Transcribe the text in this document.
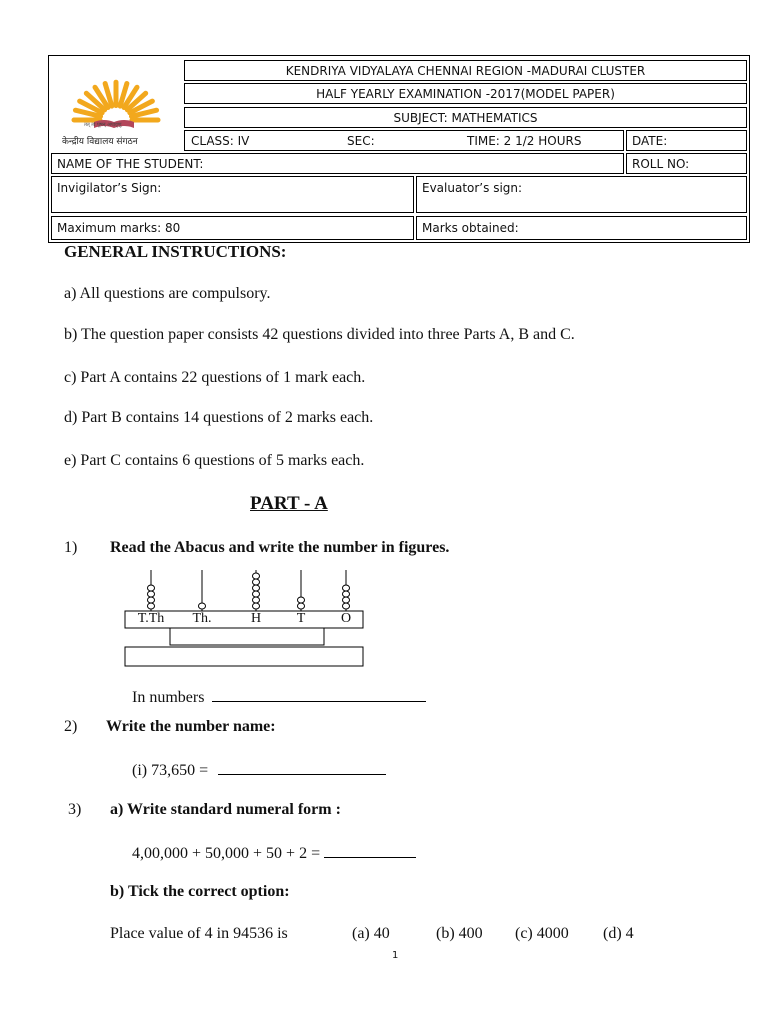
तत् त्वं पूषन् अपावृणु
केन्द्रीय विद्यालय संगठन
KENDRIYA VIDYALAYA CHENNAI REGION -MADURAI CLUSTER
HALF YEARLY EXAMINATION -2017(MODEL PAPER)
SUBJECT: MATHEMATICS
CLASS: IV	SEC:	TIME: 2 1/2 HOURS	DATE:
NAME OF THE STUDENT:	ROLL NO:
Invigilator’s Sign:	Evaluator’s sign:
Maximum marks: 80	Marks obtained:
GENERAL INSTRUCTIONS:
a) All questions are compulsory.
b) The question paper consists 42 questions divided into three Parts A, B and C.
c) Part A contains 22 questions of 1 mark each.
d) Part B contains 14 questions of 2 marks each.
e) Part C contains 6 questions of 5 marks each.
PART - A
1) Read the Abacus and write the number in figures.
T.Th	Th.	H	T	O
In numbers
2) Write the number name:
(i) 73,650 =
3) a) Write standard numeral form :
4,00,000 + 50,000 + 50 + 2 =
b) Tick the correct option:
Place value of 4 in 94536 is	(a) 40	(b) 400 (c) 4000 (d) 4
1
